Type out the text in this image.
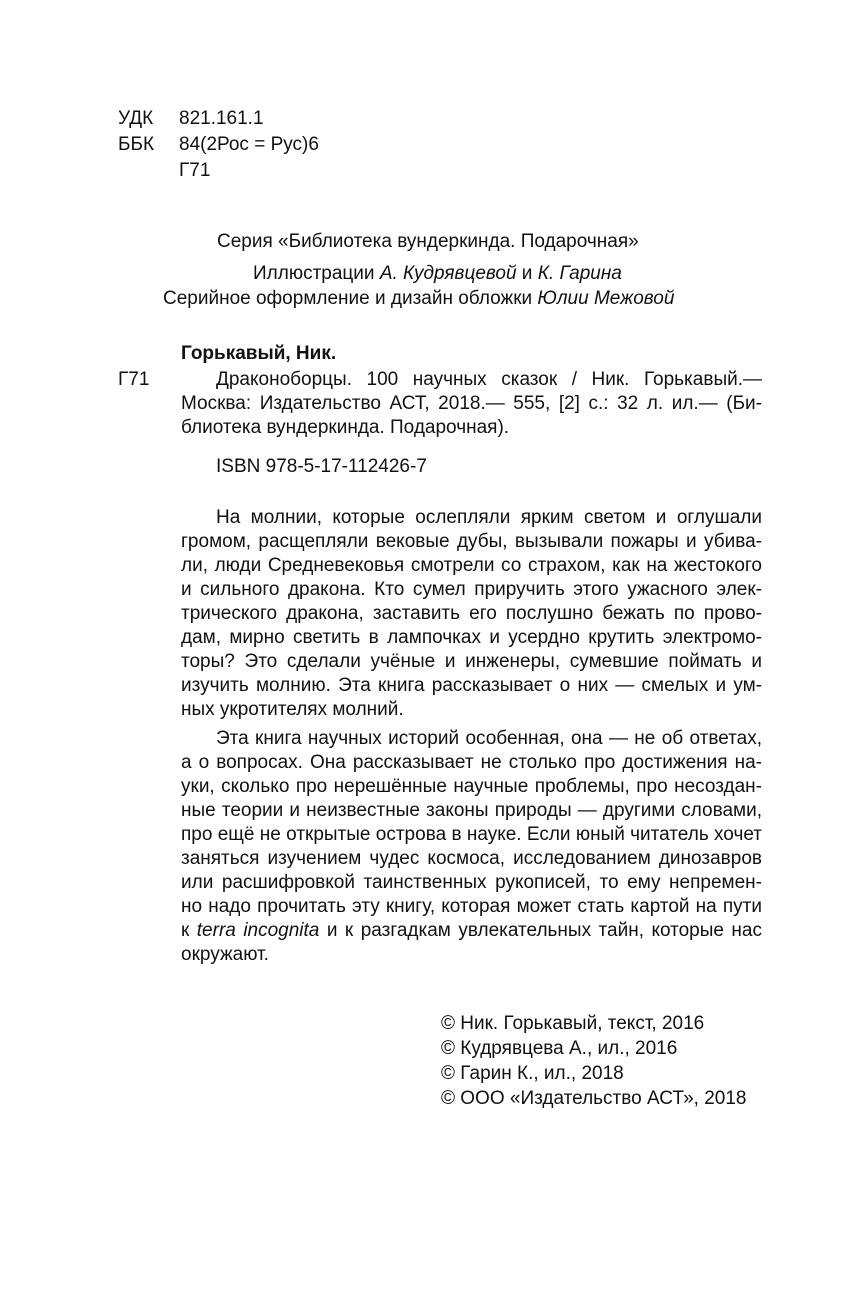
УДК 821.161.1
ББК 84(2Рос = Рус)6
Г71
Серия «Библиотека вундеркинда. Подарочная»
Иллюстрации А. Кудрявцевой и К. Гарина
Серийное оформление и дизайн обложки Юлии Межовой
Горькавый, Ник.
Г71	Драконоборцы. 100 научных сказок / Ник. Горькавый.—
Москва: Издательство АСТ, 2018.— 555, [2] с.: 32 л. ил.— (Би-
блиотека вундеркинда. Подарочная).
ISBN 978-5-17-112426-7
На молнии, которые ослепляли ярким светом и оглушали
громом, расщепляли вековые дубы, вызывали пожары и убива-
ли, люди Средневековья смотрели со страхом, как на жестокого
и сильного дракона. Кто сумел приручить этого ужасного элек-
трического дракона, заставить его послушно бежать по прово-
дам, мирно светить в лампочках и усердно крутить электромо-
торы? Это сделали учёные и инженеры, сумевшие поймать и
изучить молнию. Эта книга рассказывает о них — смелых и ум-
ных укротителях молний.
Эта книга научных историй особенная, она — не об ответах,
а о вопросах. Она рассказывает не столько про достижения на-
уки, сколько про нерешённые научные проблемы, про несоздан-
ные теории и неизвестные законы природы — другими словами,
про ещё не открытые острова в науке. Если юный читатель хочет
заняться изучением чудес космоса, исследованием динозавров
или расшифровкой таинственных рукописей, то ему непремен-
но надо прочитать эту книгу, которая может стать картой на пути
к terra incognita и к разгадкам увлекательных тайн, которые нас
окружают.
© Ник. Горькавый, текст, 2016
© Кудрявцева А., ил., 2016
© Гарин К., ил., 2018
© ООО «Издательство АСТ», 2018
